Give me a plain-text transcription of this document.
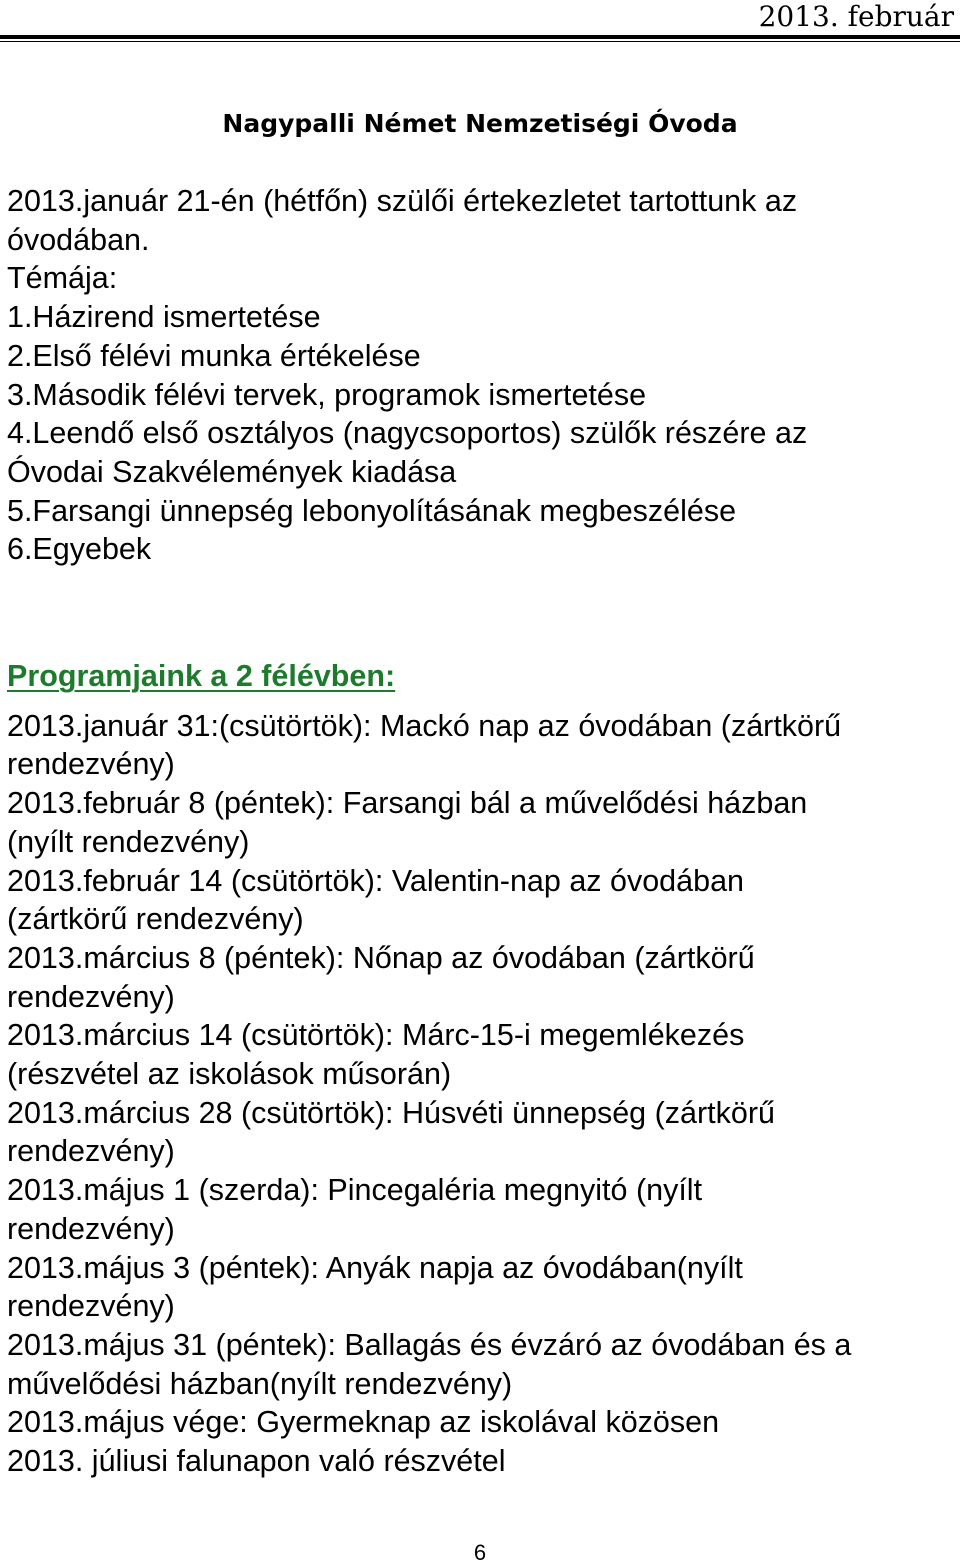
2013. február
Nagypalli Német Nemzetiségi Óvoda
2013.január 21-én (hétfőn) szülői értekezletet tartottunk az
óvodában.
Témája:
1.Házirend ismertetése
2.Első félévi munka értékelése
3.Második félévi tervek, programok ismertetése
4.Leendő első osztályos (nagycsoportos) szülők részére az
Óvodai Szakvélemények kiadása
5.Farsangi ünnepség lebonyolításának megbeszélése
6.Egyebek
Programjaink a 2 félévben:
2013.január 31:(csütörtök): Mackó nap az óvodában (zártkörű
rendezvény)
2013.február 8 (péntek): Farsangi bál a művelődési házban
(nyílt rendezvény)
2013.február 14 (csütörtök): Valentin-nap az óvodában
(zártkörű rendezvény)
2013.március 8 (péntek): Nőnap az óvodában (zártkörű
rendezvény)
2013.március 14 (csütörtök): Márc-15-i megemlékezés
(részvétel az iskolások műsorán)
2013.március 28 (csütörtök): Húsvéti ünnepség (zártkörű
rendezvény)
2013.május 1 (szerda): Pincegaléria megnyitó (nyílt
rendezvény)
2013.május 3 (péntek): Anyák napja az óvodában(nyílt
rendezvény)
2013.május 31 (péntek): Ballagás és évzáró az óvodában és a
művelődési házban(nyílt rendezvény)
2013.május vége: Gyermeknap az iskolával közösen
2013. júliusi falunapon való részvétel
6
